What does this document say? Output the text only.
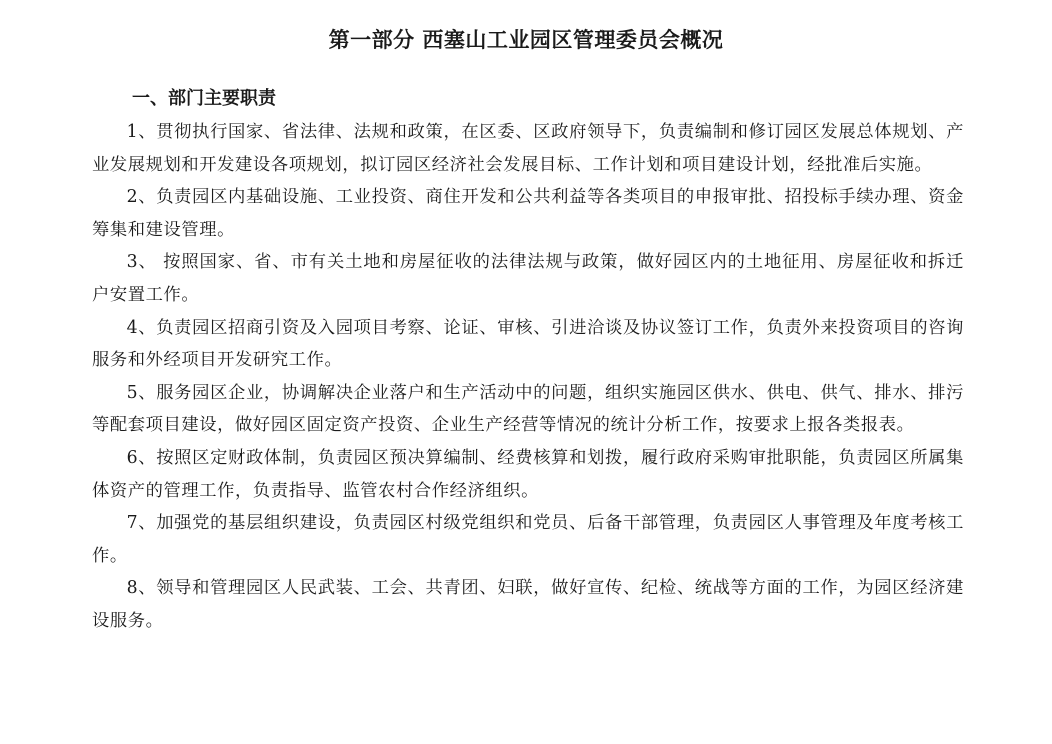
第一部分 西塞山工业园区管理委员会概况
一、部门主要职责

1、贯彻执行国家、省法律、法规和政策，在区委、区政府领导下，负责编制和修订园区发展总体规划、产业发展规划和开发建设各项规划，拟订园区经济社会发展目标、工作计划和项目建设计划，经批准后实施。

2、负责园区内基础设施、工业投资、商住开发和公共利益等各类项目的申报审批、招投标手续办理、资金筹集和建设管理。

3、 按照国家、省、市有关土地和房屋征收的法律法规与政策，做好园区内的土地征用、房屋征收和拆迁户安置工作。

4、负责园区招商引资及入园项目考察、论证、审核、引进洽谈及协议签订工作，负责外来投资项目的咨询服务和外经项目开发研究工作。

5、服务园区企业，协调解决企业落户和生产活动中的问题，组织实施园区供水、供电、供气、排水、排污等配套项目建设，做好园区固定资产投资、企业生产经营等情况的统计分析工作，按要求上报各类报表。

6、按照区定财政体制，负责园区预决算编制、经费核算和划拨，履行政府采购审批职能，负责园区所属集体资产的管理工作，负责指导、监管农村合作经济组织。

7、加强党的基层组织建设，负责园区村级党组织和党员、后备干部管理，负责园区人事管理及年度考核工作。

8、领导和管理园区人民武装、工会、共青团、妇联，做好宣传、纪检、统战等方面的工作，为园区经济建设服务。
